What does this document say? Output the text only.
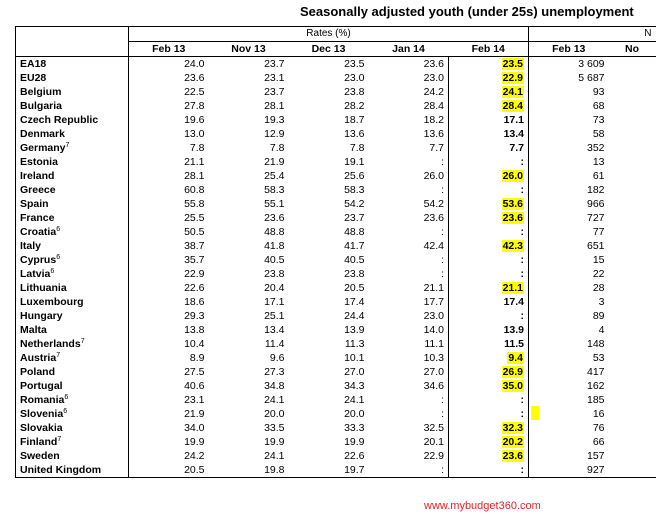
Seasonally adjusted youth (under 25s) unemployment
	Rates (%)					N	
	Feb 13	Nov 13	Dec 13	Jan 14	Feb 14	Feb 13	No
EA18	24.0	23.7	23.5	23.6	23.5	3 609	
EU28	23.6	23.1	23.0	23.0	22.9	5 687	
Belgium	22.5	23.7	23.8	24.2	24.1	93	
Bulgaria	27.8	28.1	28.2	28.4	28.4	68	
Czech Republic	19.6	19.3	18.7	18.2	17.1	73	
Denmark	13.0	12.9	13.6	13.6	13.4	58	
Germany$^7$	7.8	7.8	7.8	7.7	7.7	352	
Estonia	21.1	21.9	19.1	:	:	13	
Ireland	28.1	25.4	25.6	26.0	26.0	61	
Greece	60.8	58.3	58.3	:	:	182	
Spain	55.8	55.1	54.2	54.2	53.6	966	
France	25.5	23.6	23.7	23.6	23.6	727	
Croatia$^6$	50.5	48.8	48.8	:	:	77	
Italy	38.7	41.8	41.7	42.4	42.3	651	
Cyprus$^6$	35.7	40.5	40.5	:	:	15	
Latvia$^6$	22.9	23.8	23.8	:	:	22	
Lithuania	22.6	20.4	20.5	21.1	21.1	28	
Luxembourg	18.6	17.1	17.4	17.7	17.4	3	
Hungary	29.3	25.1	24.4	23.0	:	89	
Malta	13.8	13.4	13.9	14.0	13.9	4	
Netherlands$^7$	10.4	11.4	11.3	11.1	11.5	148	
Austria$^7$	8.9	9.6	10.1	10.3	9.4	53	
Poland	27.5	27.3	27.0	27.0	26.9	417	
Portugal	40.6	34.8	34.3	34.6	35.0	162	
Romania$^6$	23.1	24.1	24.1	:	:	185	
Slovenia$^6$	21.9	20.0	20.0	:	:	16	
Slovakia	34.0	33.5	33.3	32.5	32.3	76	
Finland$^7$	19.9	19.9	19.9	20.1	20.2	66	
Sweden	24.2	24.1	22.6	22.9	23.6	157	
United Kingdom	20.5	19.8	19.7	:	:	927	
www.mybudget360.com
